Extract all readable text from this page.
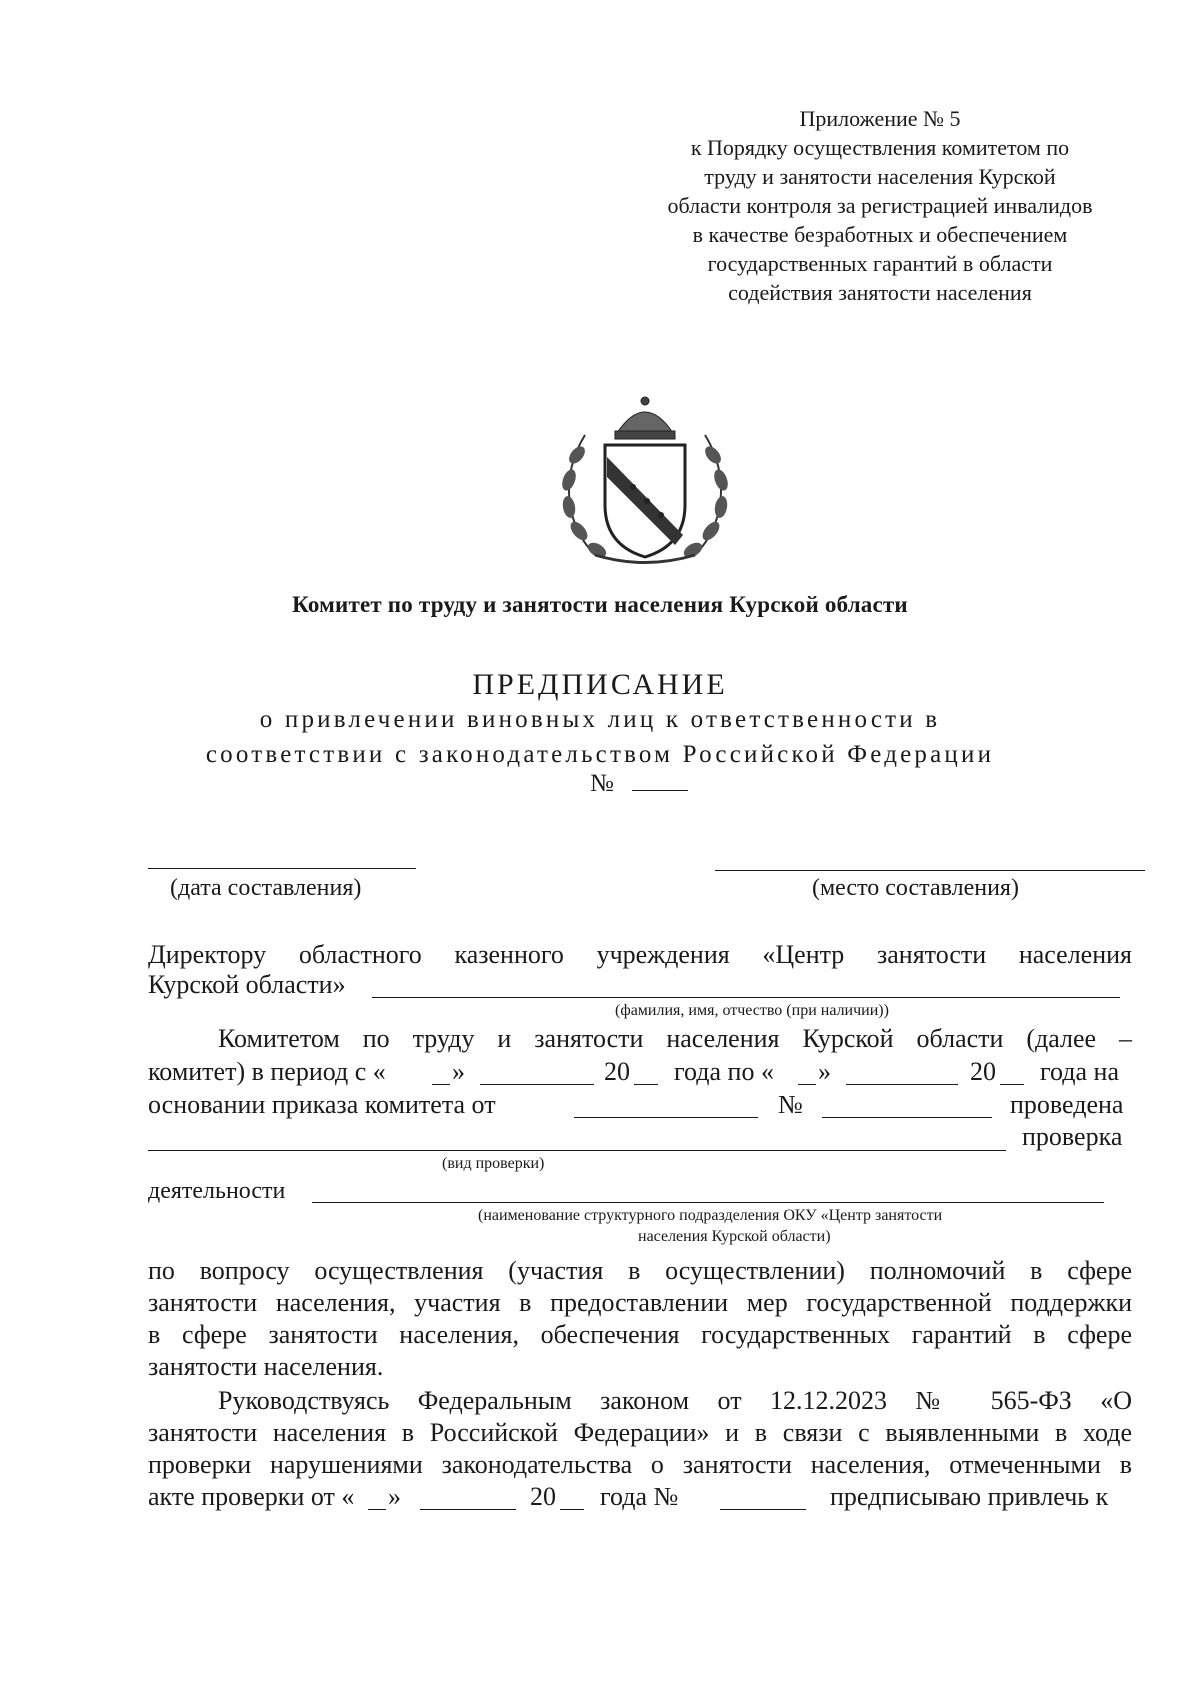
Приложение № 5
к Порядку осуществления комитетом по
труду и занятости населения Курской
области контроля за регистрацией инвалидов
в качестве безработных и обеспечением
государственных гарантий в области
содействия занятости населения
Комитет по труду и занятости населения Курской области
ПРЕДПИСАНИЕ
о привлечении виновных лиц к ответственности в
соответствии с законодательством Российской Федерации
№
(дата составления)	(место составления)
Директору областного казенного учреждения «Центр занятости населения
Курской области»
(фамилия, имя, отчество (при наличии))
Комитетом по труду и занятости населения Курской области (далее –
комитет) в период с «	»	20 года по « »	20 года на
основании приказа комитета от	№	проведена
проверка
(вид проверки)
деятельности
(наименование структурного подразделения ОКУ «Центр занятости
населения Курской области)
по вопросу осуществления (участия в осуществлении) полномочий в сфере
занятости населения, участия в предоставлении мер государственной поддержки
в сфере занятости населения, обеспечения государственных гарантий в сфере
занятости населения.
Руководствуясь Федеральным законом от 12.12.2023 № 565-ФЗ «О
занятости населения в Российской Федерации» и в связи с выявленными в ходе
проверки нарушениями законодательства о занятости населения, отмеченными в
акте проверки от « »	20 года №	предписываю привлечь к
